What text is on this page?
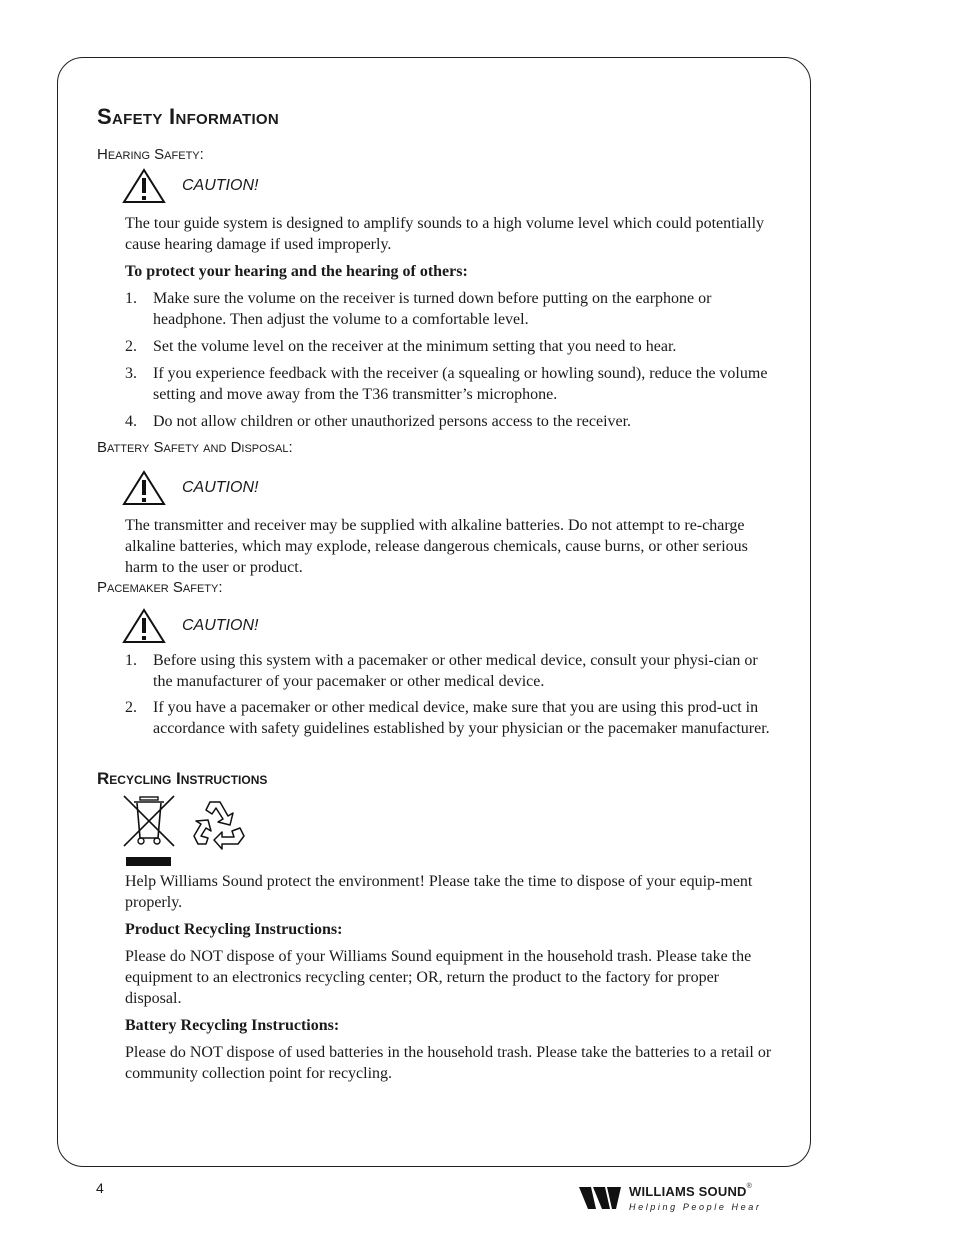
Safety Information
Hearing Safety:
CAUTION!
The tour guide system is designed to amplify sounds to a high volume level which could potentially cause hearing damage if used improperly.
To protect your hearing and the hearing of others:
1. Make sure the volume on the receiver is turned down before putting on the earphone or headphone. Then adjust the volume to a comfortable level.
2. Set the volume level on the receiver at the minimum setting that you need to hear.
3. If you experience feedback with the receiver (a squealing or howling sound), reduce the volume setting and move away from the T36 transmitter’s microphone.
4. Do not allow children or other unauthorized persons access to the receiver.
Battery Safety and Disposal:
CAUTION!
The transmitter and receiver may be supplied with alkaline batteries. Do not attempt to re-charge alkaline batteries, which may explode, release dangerous chemicals, cause burns, or other serious harm to the user or product.
Pacemaker Safety:
CAUTION!
1. Before using this system with a pacemaker or other medical device, consult your physi-cian or the manufacturer of your pacemaker or other medical device.
2. If you have a pacemaker or other medical device, make sure that you are using this prod-uct in accordance with safety guidelines established by your physician or the pacemaker manufacturer.
Recycling Instructions
Help Williams Sound protect the environment! Please take the time to dispose of your equip-ment properly.
Product Recycling Instructions:
Please do NOT dispose of your Williams Sound equipment in the household trash. Please take the equipment to an electronics recycling center; OR, return the product to the factory for proper disposal.
Battery Recycling Instructions:
Please do NOT dispose of used batteries in the household trash. Please take the batteries to a retail or community collection point for recycling.
4	WILLIAMS SOUND®
Helping People Hear
